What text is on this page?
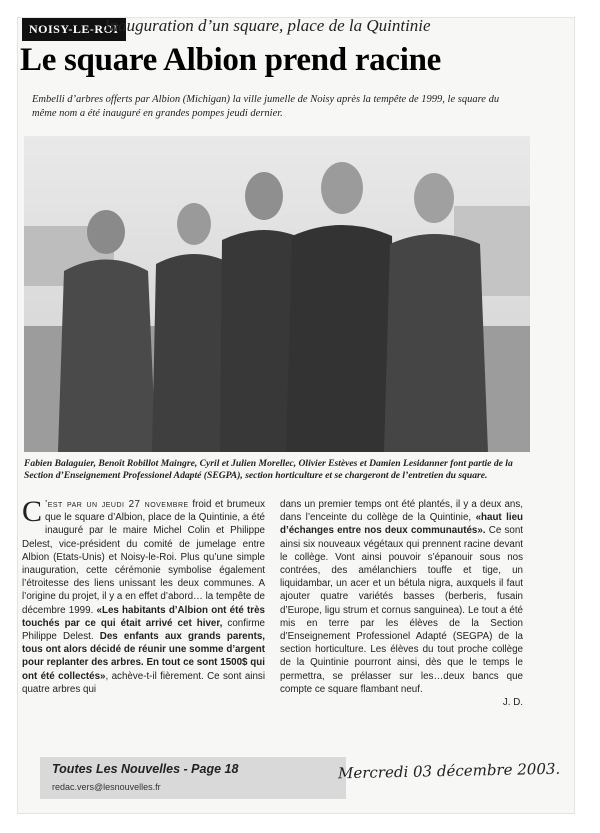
NOISY-LE-ROI
Inauguration d’un square, place de la Quintinie
Le square Albion prend racine
Embelli d’arbres offerts par Albion (Michigan) la ville jumelle de Noisy après la tempête de 1999, le square du même nom a été inauguré en grandes pompes jeudi dernier.
Fabien Balaguier, Benoît Robillot Maingre, Cyril et Julien Morellec, Olivier Estèves et Damien Lesidanner font partie de la Section d’Enseignement Professionel Adapté (SEGPA), section horticulture et se chargeront de l’entretien du square.
C ’est par un jeudi 27 novembre froid et brumeux que le square d’Albion, place de la Quintinie, a été inauguré par le maire Michel Colin et Philippe Delest, vice-président du comité de jumelage entre Albion (Etats-Unis) et Noisy-le-Roi. Plus qu’une simple inauguration, cette cérémonie symbolise également l’étroitesse des liens unissant les deux communes. A l’origine du projet, il y a en effet d’abord… la tempête de décembre 1999. «Les habitants d’Albion ont été très touchés par ce qui était arrivé cet hiver, confirme Philippe Delest. Des enfants aux grands parents, tous ont alors décidé de réunir une somme d’argent pour replanter des arbres. En tout ce sont 1500$ qui ont été collectés», achève-t-il fièrement. Ce sont ainsi quatre arbres qui
dans un premier temps ont été plantés, il y a deux ans, dans l’enceinte du collège de la Quintinie, «haut lieu d’échanges entre nos deux communautés». Ce sont ainsi six nouveaux végétaux qui prennent racine devant le collège. Vont ainsi pouvoir s’épanouir sous nos contrées, des amélanchiers touffe et tige, un liquidambar, un acer et un bétula nigra, auxquels il faut ajouter quatre variétés basses (berberis, fusain d’Europe, ligu strum et cornus sanguinea). Le tout a été mis en terre par les élèves de la Section d’Enseignement Professionel Adapté (SEGPA) de la section horticulture. Les élèves du tout proche collège de la Quintinie pourront ainsi, dès que le temps le permettra, se prélasser sur les…deux bancs que compte ce square flambant neuf.
J. D.
Toutes Les Nouvelles - Page 18
redac.vers@lesnouvelles.fr
Mercredi 03 décembre 2003.
